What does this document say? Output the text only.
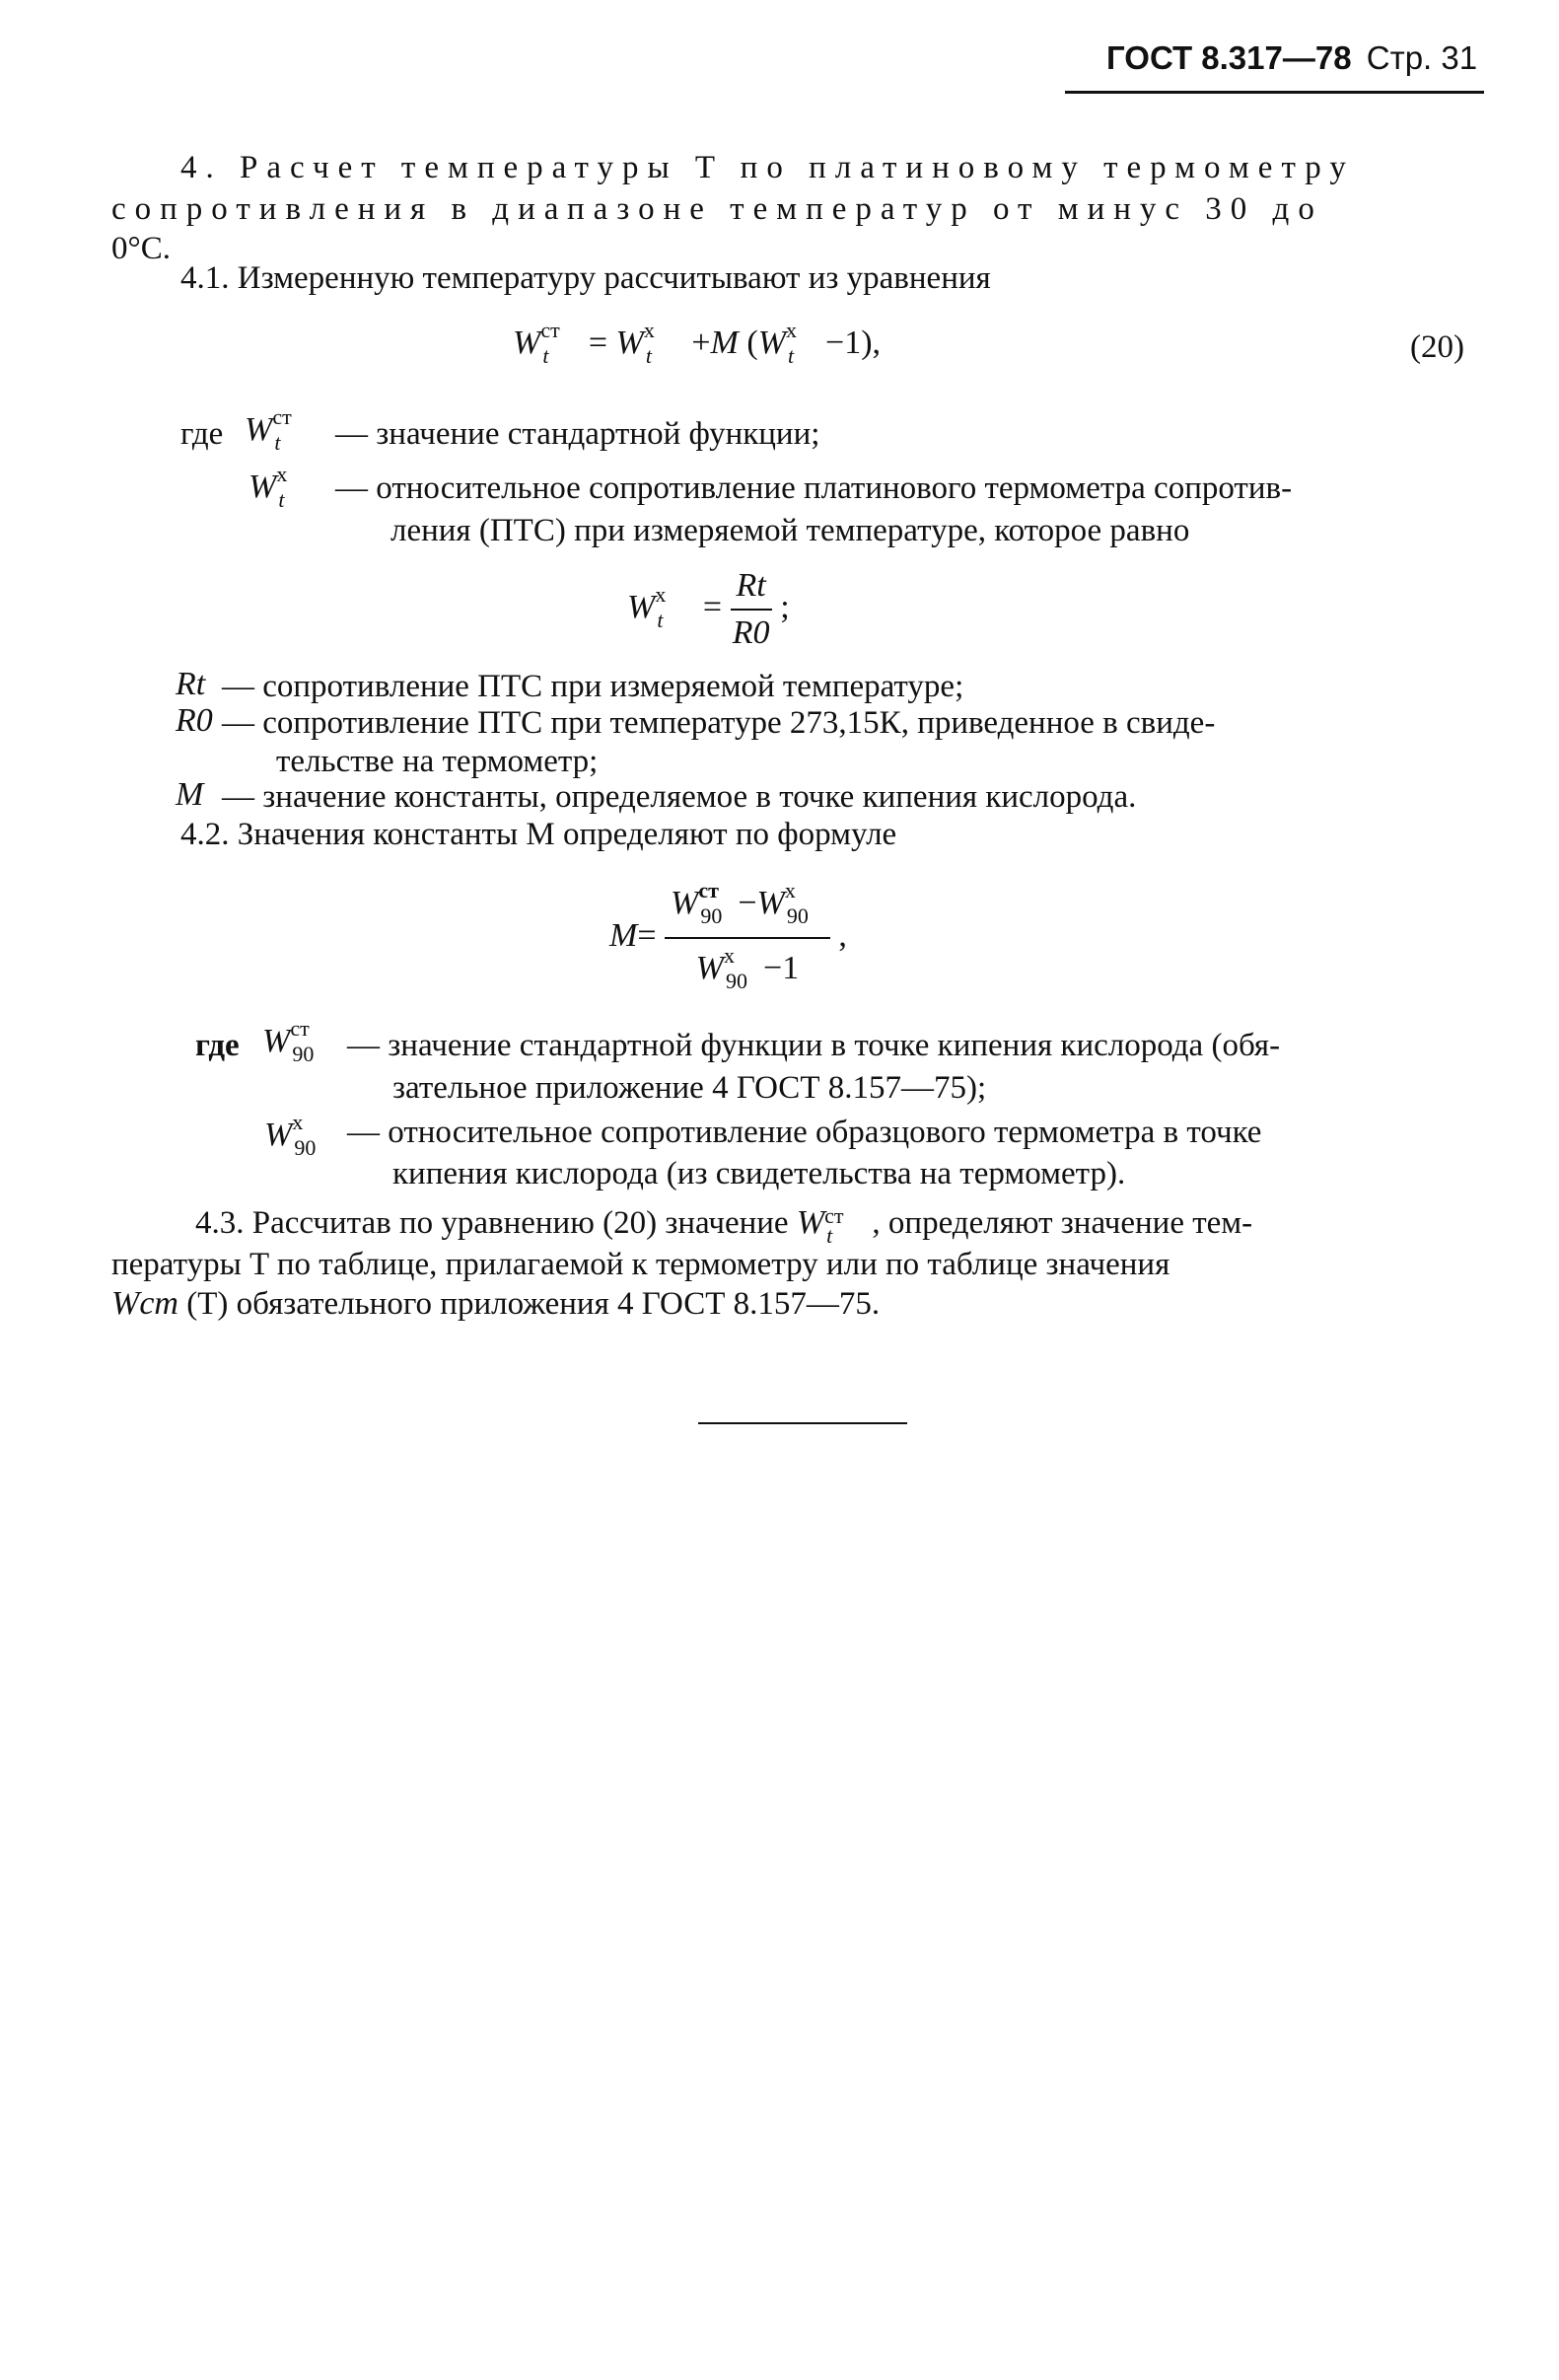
ГОСТ 8.317—78 Стр. 31
4. Расчет температуры T по платиновому термометру
сопротивления в диапазоне температур от минус 30 до
0°С.
4.1. Измеренную температуру рассчитывают из уравнения
W ст
t = W x
t +M (W x
t −1),	(20)
где W ст
t — значение стандартной функции;
W x
t — относительное сопротивление платинового термометра сопротив-
ления (ПТС) при измеряемой температуре, которое равно
W x
$t = \frac{Rt}{R0}$ ;
Rt — сопротивление ПТС при измеряемой температуре;
R0 — сопротивление ПТС при температуре 273,15К, приведенное в свиде-
тельстве на термометр;
M — значение константы, определяемое в точке кипения кислорода.
4.2. Значения константы M определяют по формуле
M= W ст
90 −W x
90
W x
90 −1 ,
где W ст
90 — значение стандартной функции в точке кипения кислорода (обя-
зательное приложение 4 ГОСТ 8.157—75);
W x
90 — относительное сопротивление образцового термометра в точке
кипения кислорода (из свидетельства на термометр).
4.3. Рассчитав по уравнению (20) значение W ст
t , определяют значение тем-
пературы T по таблице, прилагаемой к термометру или по таблице значения
Wст (T) обязательного приложения 4 ГОСТ 8.157—75.
